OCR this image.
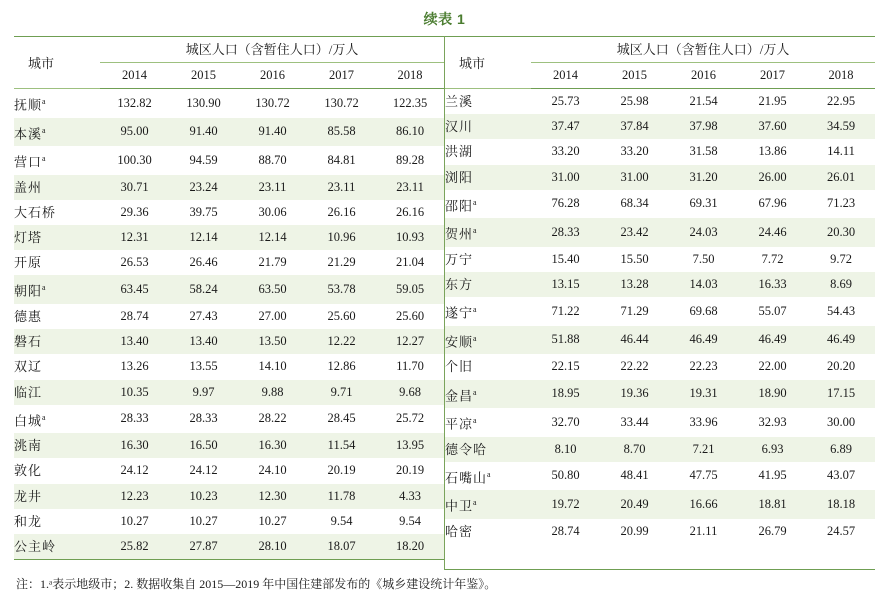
续表 1
城市	城区人口（含暂住人口）/万人				
	2014	2015	2016	2017	2018
抚顺$^a$	132.82	130.90	130.72	130.72	122.35
本溪$^a$	95.00	91.40	91.40	85.58	86.10
营口$^a$	100.30	94.59	88.70	84.81	89.28
盖州	30.71	23.24	23.11	23.11	23.11
大石桥	29.36	39.75	30.06	26.16	26.16
灯塔	12.31	12.14	12.14	10.96	10.93
开原	26.53	26.46	21.79	21.29	21.04
朝阳$^a$	63.45	58.24	63.50	53.78	59.05
德惠	28.74	27.43	27.00	25.60	25.60
磐石	13.40	13.40	13.50	12.22	12.27
双辽	13.26	13.55	14.10	12.86	11.70
临江	10.35	9.97	9.88	9.71	9.68
白城$^a$	28.33	28.33	28.22	28.45	25.72
洮南	16.30	16.50	16.30	11.54	13.95
敦化	24.12	24.12	24.10	20.19	20.19
龙井	12.23	10.23	12.30	11.78	4.33
和龙	10.27	10.27	10.27	9.54	9.54
公主岭	25.82	27.87	28.10	18.07	18.20
城市	城区人口（含暂住人口）/万人				
	2014	2015	2016	2017	2018
兰溪	25.73	25.98	21.54	21.95	22.95
汉川	37.47	37.84	37.98	37.60	34.59
洪湖	33.20	33.20	31.58	13.86	14.11
浏阳	31.00	31.00	31.20	26.00	26.01
邵阳$^a$	76.28	68.34	69.31	67.96	71.23
贺州$^a$	28.33	23.42	24.03	24.46	20.30
万宁	15.40	15.50	7.50	7.72	9.72
东方	13.15	13.28	14.03	16.33	8.69
遂宁$^a$	71.22	71.29	69.68	55.07	54.43
安顺$^a$	51.88	46.44	46.49	46.49	46.49
个旧	22.15	22.22	22.23	22.00	20.20
金昌$^a$	18.95	19.36	19.31	18.90	17.15
平凉$^a$	32.70	33.44	33.96	32.93	30.00
德令哈	8.10	8.70	7.21	6.93	6.89
石嘴山$^a$	50.80	48.41	47.75	41.95	43.07
中卫$^a$	19.72	20.49	16.66	18.81	18.18
哈密	28.74	20.99	21.11	26.79	24.57

注：1.ᵃ表示地级市；2. 数据收集自 2015—2019 年中国住建部发布的《城乡建设统计年鉴》。
